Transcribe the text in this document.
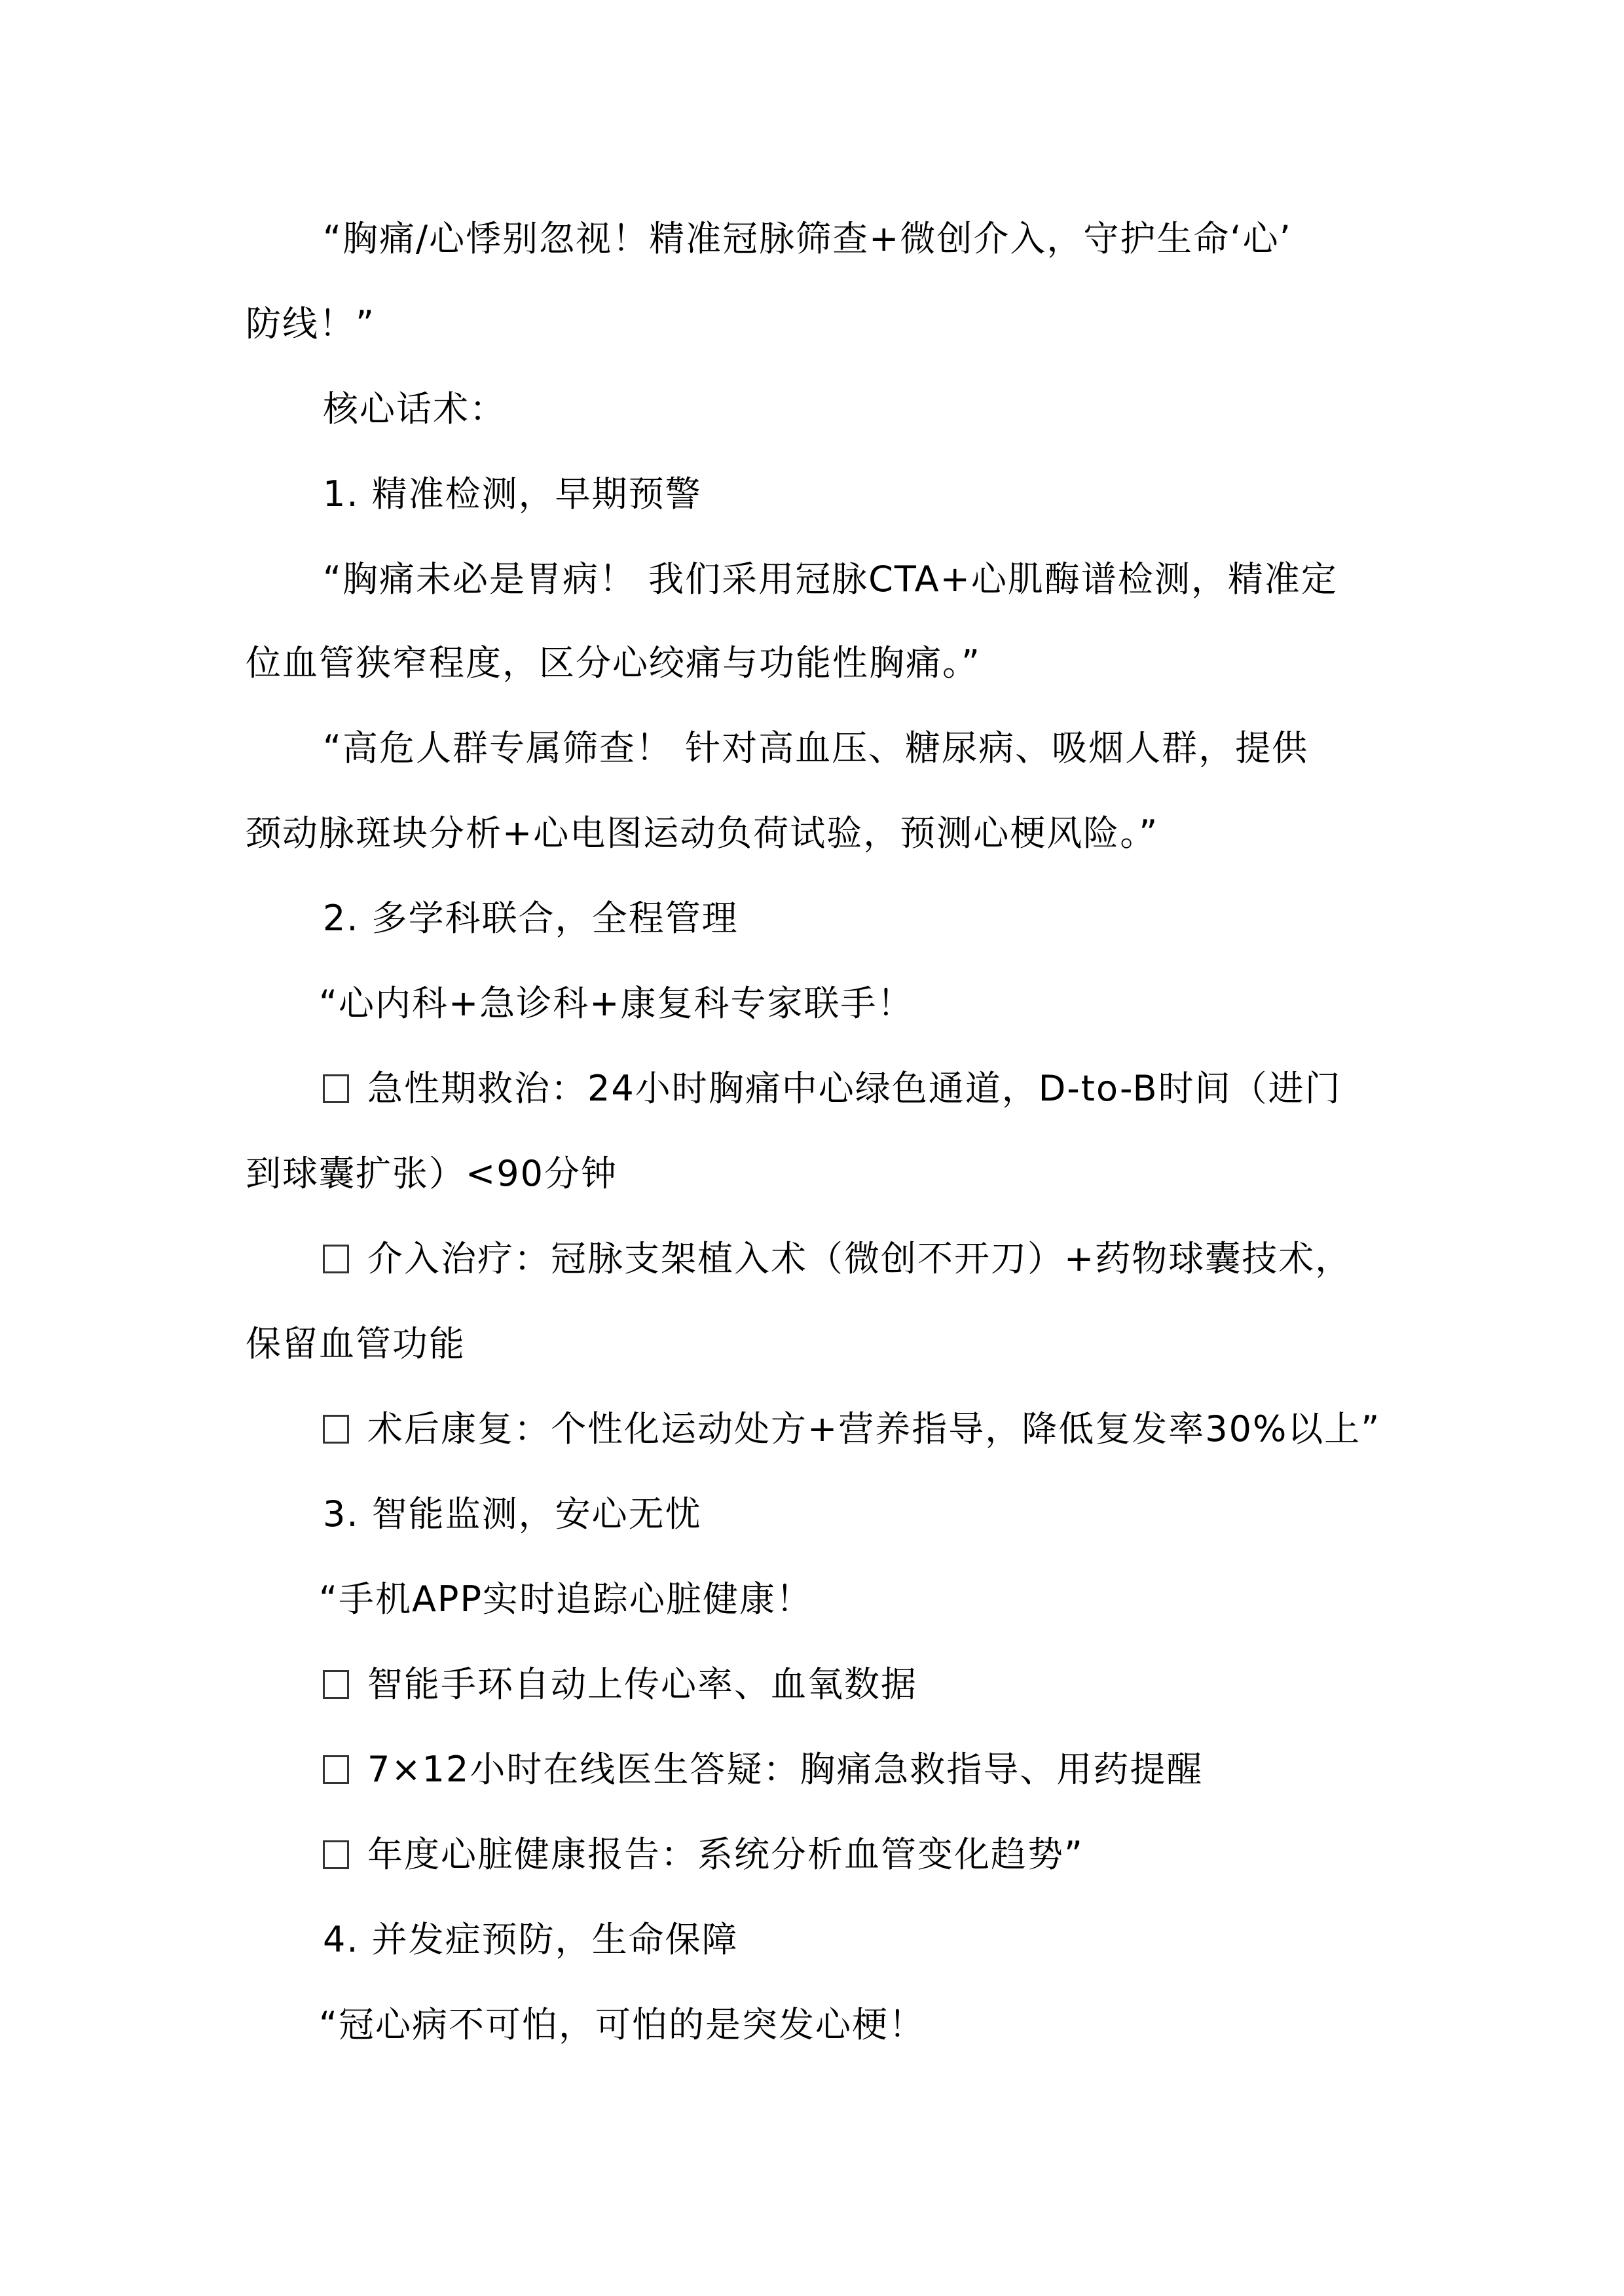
“胸痛/心悸别忽视！精准冠脉筛查+微创介入，守护生命‘心’
防线！”
核心话术：
1. 精准检测，早期预警
“胸痛未必是胃病！ 我们采用冠脉CTA+心肌酶谱检测，精准定
位血管狭窄程度，区分心绞痛与功能性胸痛。”
“高危人群专属筛查！ 针对高血压、糖尿病、吸烟人群，提供
颈动脉斑块分析+心电图运动负荷试验，预测心梗风险。”
2. 多学科联合，全程管理
“心内科+急诊科+康复科专家联手！
急性期救治：24小时胸痛中心绿色通道，D-to-B时间（进门
到球囊扩张）<90分钟
介入治疗：冠脉支架植入术（微创不开刀）+药物球囊技术，
保留血管功能
术后康复：个性化运动处方+营养指导，降低复发率30%以上”
3. 智能监测，安心无忧
“手机APP实时追踪心脏健康！
智能手环自动上传心率、血氧数据
7×12小时在线医生答疑：胸痛急救指导、用药提醒
年度心脏健康报告：系统分析血管变化趋势”
4. 并发症预防，生命保障
“冠心病不可怕，可怕的是突发心梗！
